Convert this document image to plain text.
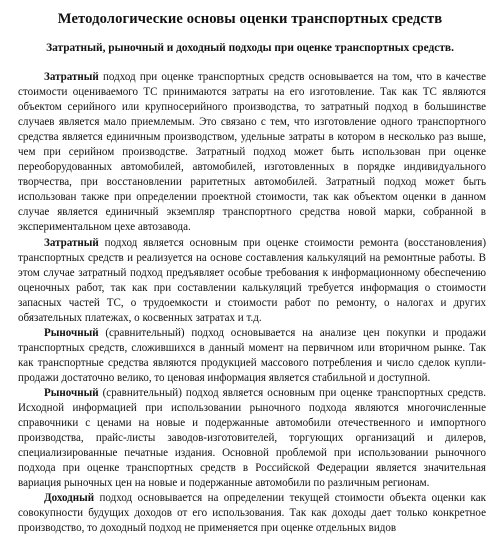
Методологические основы оценки транспортных средств
Затратный, рыночный и доходный подходы при оценке транспортных средств.

Затратный подход при оценке транспортных средств основывается на том, что в качестве стоимости оцениваемого ТС принимаются затраты на его изготовление. Так как ТС являются объектом серийного или крупносерийного производства, то затратный подход в большинстве случаев является мало приемлемым. Это связано с тем, что изготовление одного транспортного средства является единичным производством, удельные затраты в котором в несколько раз выше, чем при серийном производстве. Затратный подход может быть использован при оценке переоборудованных автомобилей, автомобилей, изготовленных в порядке индивидуального творчества, при восстановлении раритетных автомобилей. Затратный подход может быть использован также при определении проектной стоимости, так как объектом оценки в данном случае является единичный экземпляр транспортного средства новой марки, собранной в экспериментальном цехе автозавода.

Затратный подход является основным при оценке стоимости ремонта (восстановления) транспортных средств и реализуется на основе составления калькуляций на ремонтные работы. В этом случае затратный подход предъявляет особые требования к информационному обеспечению оценочных работ, так как при составлении калькуляций требуется информация о стоимости запасных частей ТС, о трудоемкости и стоимости работ по ремонту, о налогах и других обязательных платежах, о косвенных затратах и т.д.

Рыночный (сравнительный) подход основывается на анализе цен покупки и продажи транспортных средств, сложившихся в данный момент на первичном или вторичном рынке. Так как транспортные средства являются продукцией массового потребления и число сделок купли- продажи достаточно велико, то ценовая информация является стабильной и доступной.

Рыночный (сравнительный) подход является основным при оценке транспортных средств. Исходной информацией при использовании рыночного подхода являются многочисленные справочники с ценами на новые и подержанные автомобили отечественного и импортного производства, прайс-листы заводов-изготовителей, торгующих организаций и дилеров, специализированные печатные издания. Основной проблемой при использовании рыночного подхода при оценке транспортных средств в Российской Федерации является значительная вариация рыночных цен на новые и подержанные автомобили по различным регионам.

Доходный подход основывается на определении текущей стоимости объекта оценки как совокупности будущих доходов от его использования. Так как доходы дает только конкретное производство, то доходный подход не применяется при оценке отдельных видов
